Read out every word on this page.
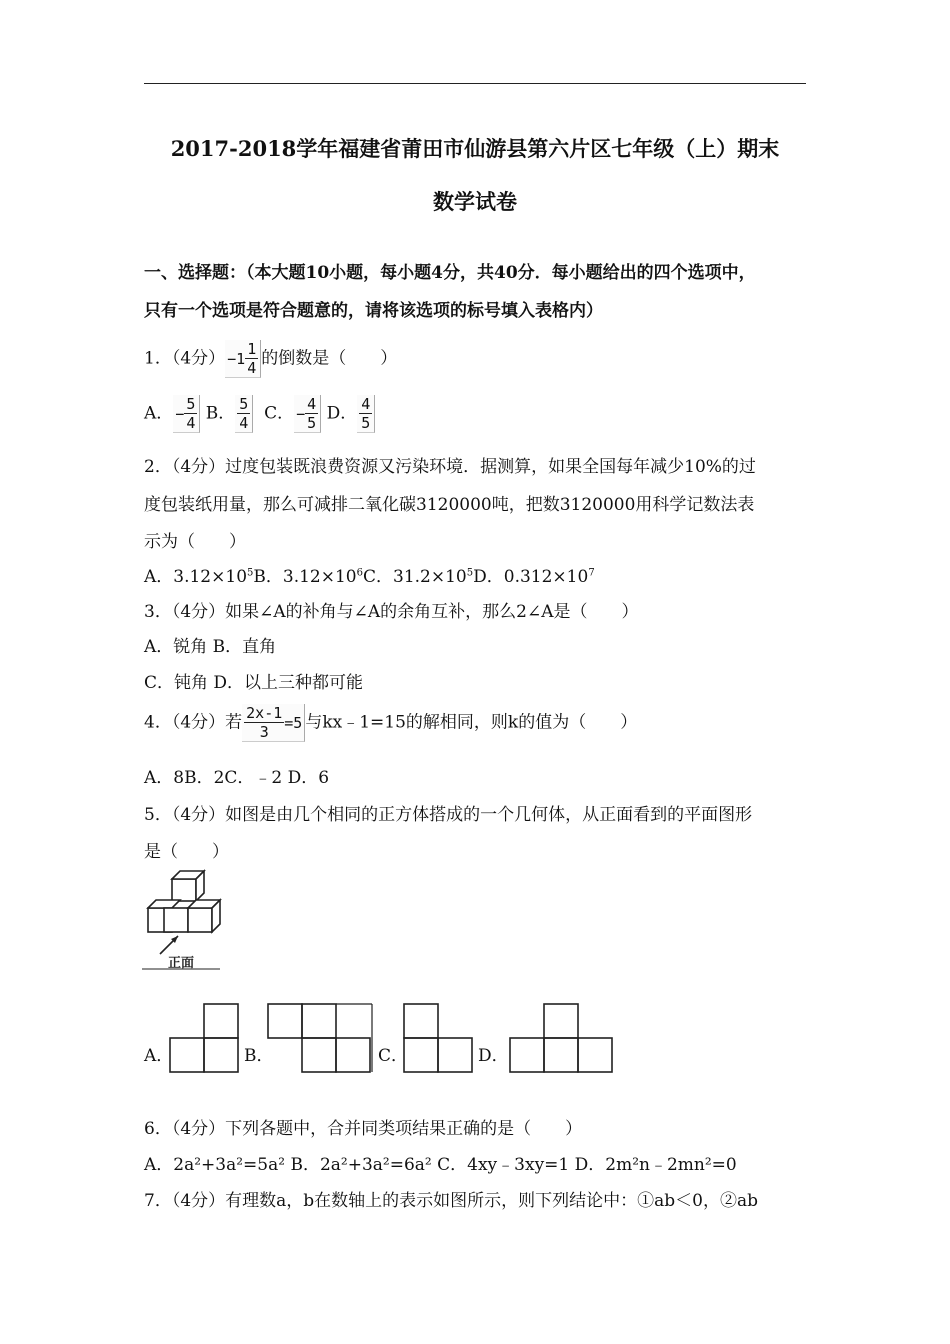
2017-2018学年福建省莆田市仙游县第六片区七年级（上）期末
数学试卷
一、选择题：（本大题10小题，每小题4分，共40分．每小题给出的四个选项中，
只有一个选项是符合题意的，请将该选项的标号填入表格内）
1．（4分） $-1 \frac{1}{4}$ 的倒数是（　　）
A． − $\frac{5}{4}$ B． $\frac{5}{4}$ C． − $\frac{4}{5}$ D． $\frac{4}{5}$
2．（4分）过度包装既浪费资源又污染环境．据测算，如果全国每年减少10%的过
度包装纸用量，那么可减排二氧化碳3120000吨，把数3120000用科学记数法表
示为（　　）
A．$3.12\times 10^5B$．$3.12\times 10^6C$．$31.2\times 10^5D$．$0.312\times 10^7$
3．（4分）如果∠A的补角与∠A的余角互补，那么2∠A是（　　）
A．锐角 B．直角
C．钝角 D．以上三种都可能
4．（4分）若 $\frac{2x-1}{3} =5$ 与kx﹣1=15的解相同，则k的值为（　　）
A．8B．2C．﹣2 D．6
5．（4分）如图是由几个相同的正方体搭成的一个几何体，从正面看到的平面图形
是（　　）
正面
A．	B．	C．	D．
6．（4分）下列各题中，合并同类项结果正确的是（　　）
A．2a²+3a²=5a² B．2a²+3a²=6a² C．4xy﹣3xy=1 D．2m²n﹣2mn²=0
7．（4分）有理数a，b在数轴上的表示如图所示，则下列结论中：①ab＜0，②ab
